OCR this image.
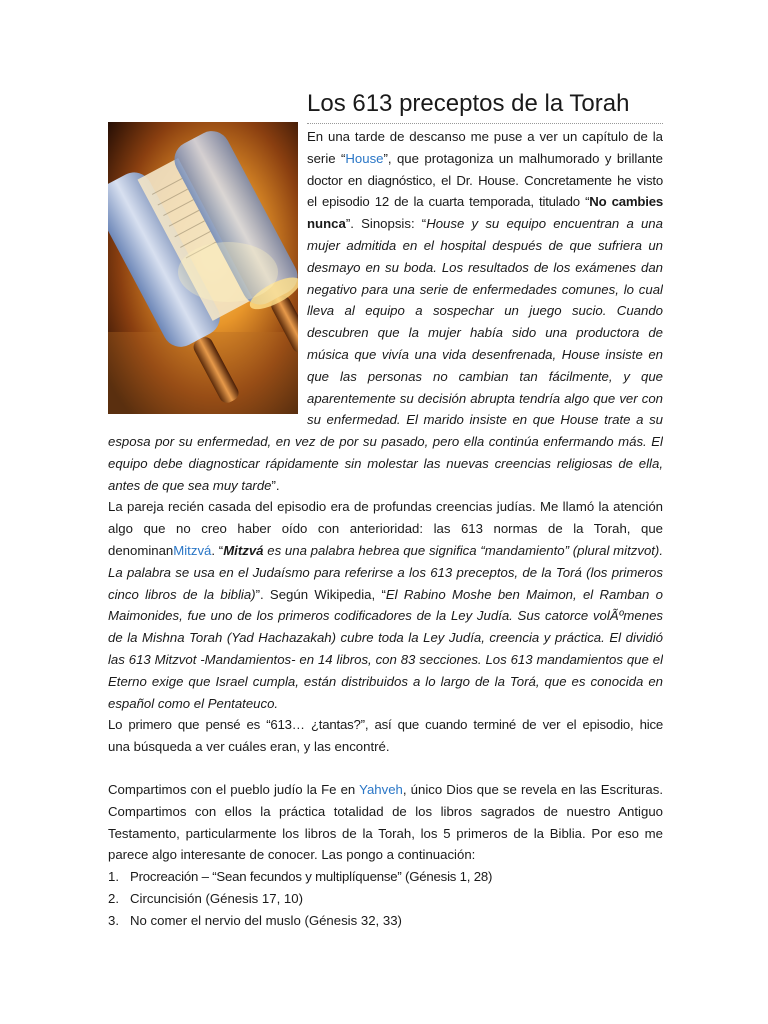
Los 613 preceptos de la Torah
En una tarde de descanso me puse a ver un capítulo de la
serie “House”, que protagoniza un malhumorado y brillante
doctor en diagnóstico, el Dr. House. Concretamente he visto
el episodio 12 de la cuarta temporada, titulado “No cambies
nunca”. Sinopsis: “House y su equipo encuentran a una
mujer admitida en el hospital después de que sufriera un
desmayo en su boda. Los resultados de los exámenes dan
negativo para una serie de enfermedades comunes, lo cual
lleva al equipo a sospechar un juego sucio. Cuando
descubren que la mujer había sido una productora de
música que vivía una vida desenfrenada, House insiste en
que las personas no cambian tan fácilmente, y que
aparentemente su decisión abrupta tendría algo que ver con
su enfermedad. El marido insiste en que House trate a su
esposa por su enfermedad, en vez de por su pasado, pero ella continúa enfermando más. El
equipo debe diagnosticar rápidamente sin molestar las nuevas creencias religiosas de ella,
antes de que sea muy tarde”.
La pareja recién casada del episodio era de profundas creencias judías. Me llamó la atención
algo que no creo haber oído con anterioridad: las 613 normas de la Torah, que
denominanMitzvá. “Mitzvá es una palabra hebrea que significa “mandamiento” (plural mitzvot).
La palabra se usa en el Judaísmo para referirse a los 613 preceptos, de la Torá (los primeros
cinco libros de la biblia)”. Según Wikipedia, “El Rabino Moshe ben Maimon, el Ramban o
Maimonides, fue uno de los primeros codificadores de la Ley Judía. Sus catorce volÃºmenes
de la Mishna Torah (Yad Hachazakah) cubre toda la Ley Judía, creencia y práctica. El dividió
las 613 Mitzvot -Mandamientos- en 14 libros, con 83 secciones. Los 613 mandamientos que el
Eterno exige que Israel cumpla, están distribuidos a lo largo de la Torá, que es conocida en
español como el Pentateuco.
Lo primero que pensé es “613… ¿tantas?”, así que cuando terminé de ver el episodio, hice
una búsqueda a ver cuáles eran, y las encontré.
Compartimos con el pueblo judío la Fe en Yahveh, único Dios que se revela en las Escrituras.
Compartimos con ellos la práctica totalidad de los libros sagrados de nuestro Antiguo
Testamento, particularmente los libros de la Torah, los 5 primeros de la Biblia. Por eso me
parece algo interesante de conocer. Las pongo a continuación:
1. Procreación – “Sean fecundos y multiplíquense” (Génesis 1, 28)
2. Circuncisión (Génesis 17, 10)
3. No comer el nervio del muslo (Génesis 32, 33)
